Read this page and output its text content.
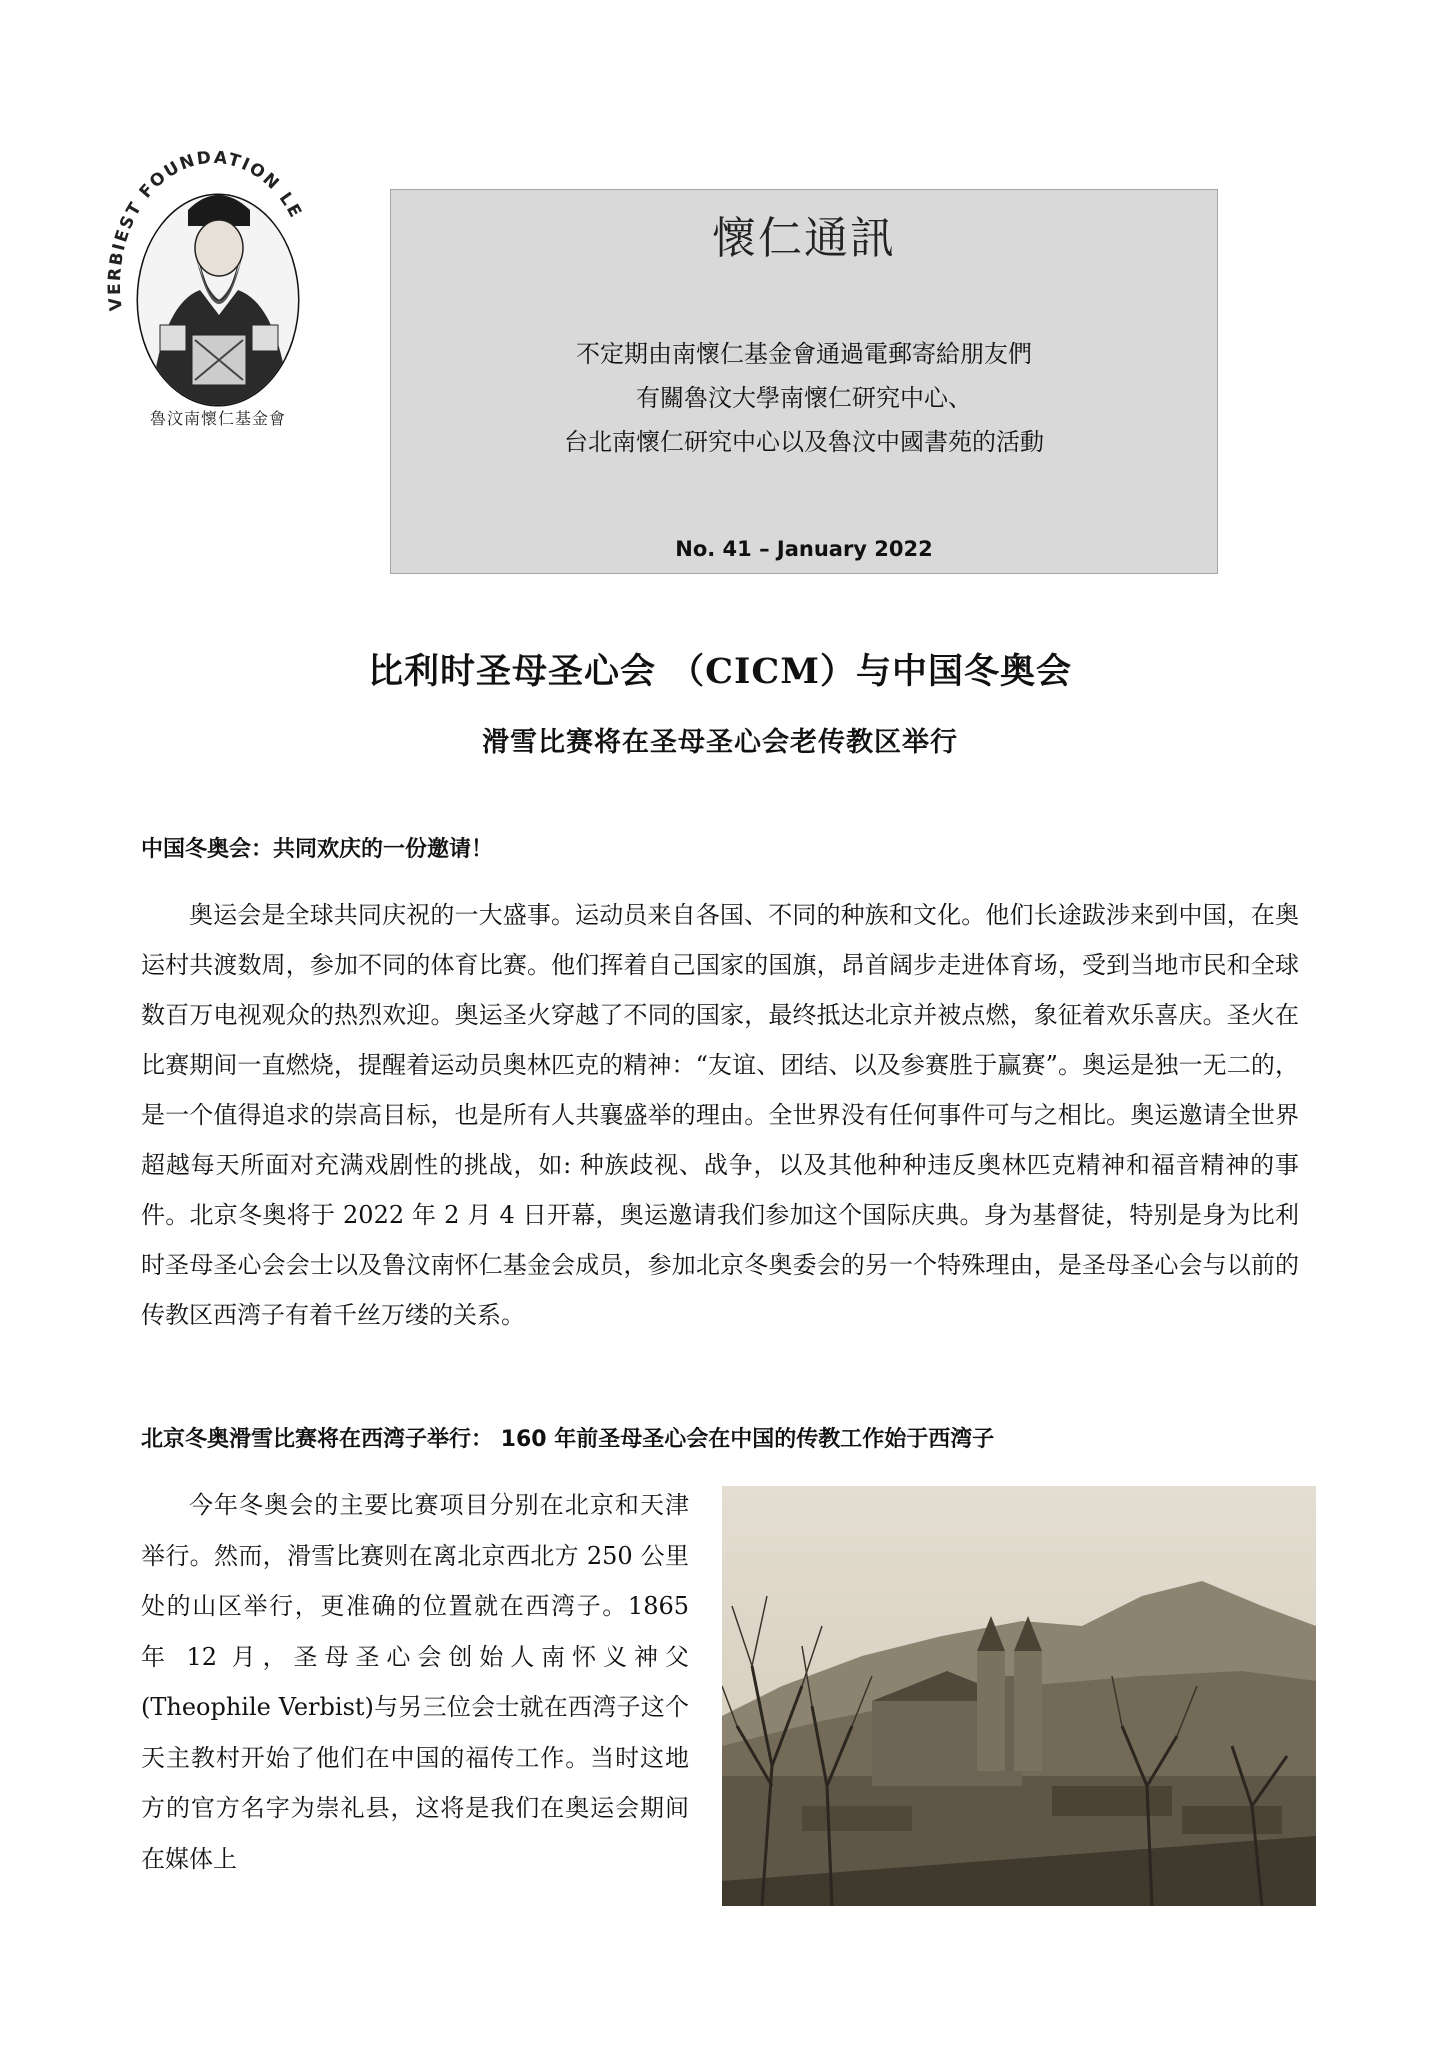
VERBIEST FOUNDATION LE
魯汶南懷仁基金會
懷仁通訊
不定期由南懷仁基金會通過電郵寄給朋友們
有關魯汶大學南懷仁研究中心、
台北南懷仁研究中心以及魯汶中國書苑的活動
No. 41 – January 2022
比利时圣母圣心会 （CICM）与中国冬奥会
滑雪比赛将在圣母圣心会老传教区举行
中国冬奥会：共同欢庆的一份邀请！

奥运会是全球共同庆祝的一大盛事。运动员来自各国、不同的种族和文化。他们长途跋涉来到中国，在奥运村共渡数周，参加不同的体育比赛。他们挥着自己国家的国旗，昂首阔步走进体育场，受到当地市民和全球数百万电视观众的热烈欢迎。奥运圣火穿越了不同的国家，最终抵达北京并被点燃，象征着欢乐喜庆。圣火在比赛期间一直燃烧，提醒着运动员奥林匹克的精神：“友谊、团结、以及参赛胜于赢赛”。奥运是独一无二的，是一个值得追求的崇高目标，也是所有人共襄盛举的理由。全世界没有任何事件可与之相比。奥运邀请全世界超越每天所面对充满戏剧性的挑战，如: 种族歧视、战争，以及其他种种违反奥林匹克精神和福音精神的事件。北京冬奥将于 2022 年 2 月 4 日开幕，奥运邀请我们参加这个国际庆典。身为基督徒，特别是身为比利时圣母圣心会会士以及鲁汶南怀仁基金会成员，参加北京冬奥委会的另一个特殊理由，是圣母圣心会与以前的传教区西湾子有着千丝万缕的关系。

北京冬奥滑雪比赛将在西湾子举行： 160 年前圣母圣心会在中国的传教工作始于西湾子

今年冬奥会的主要比赛项目分别在北京和天津举行。然而，滑雪比赛则在离北京西北方 250 公里处的山区举行，更准确的位置就在西湾子。1865 年 12 月，圣母圣心会创始人南怀义神父(Theophile Verbist)与另三位会士就在西湾子这个天主教村开始了他们在中国的福传工作。当时这地方的官方名字为崇礼县，这将是我们在奥运会期间在媒体上
